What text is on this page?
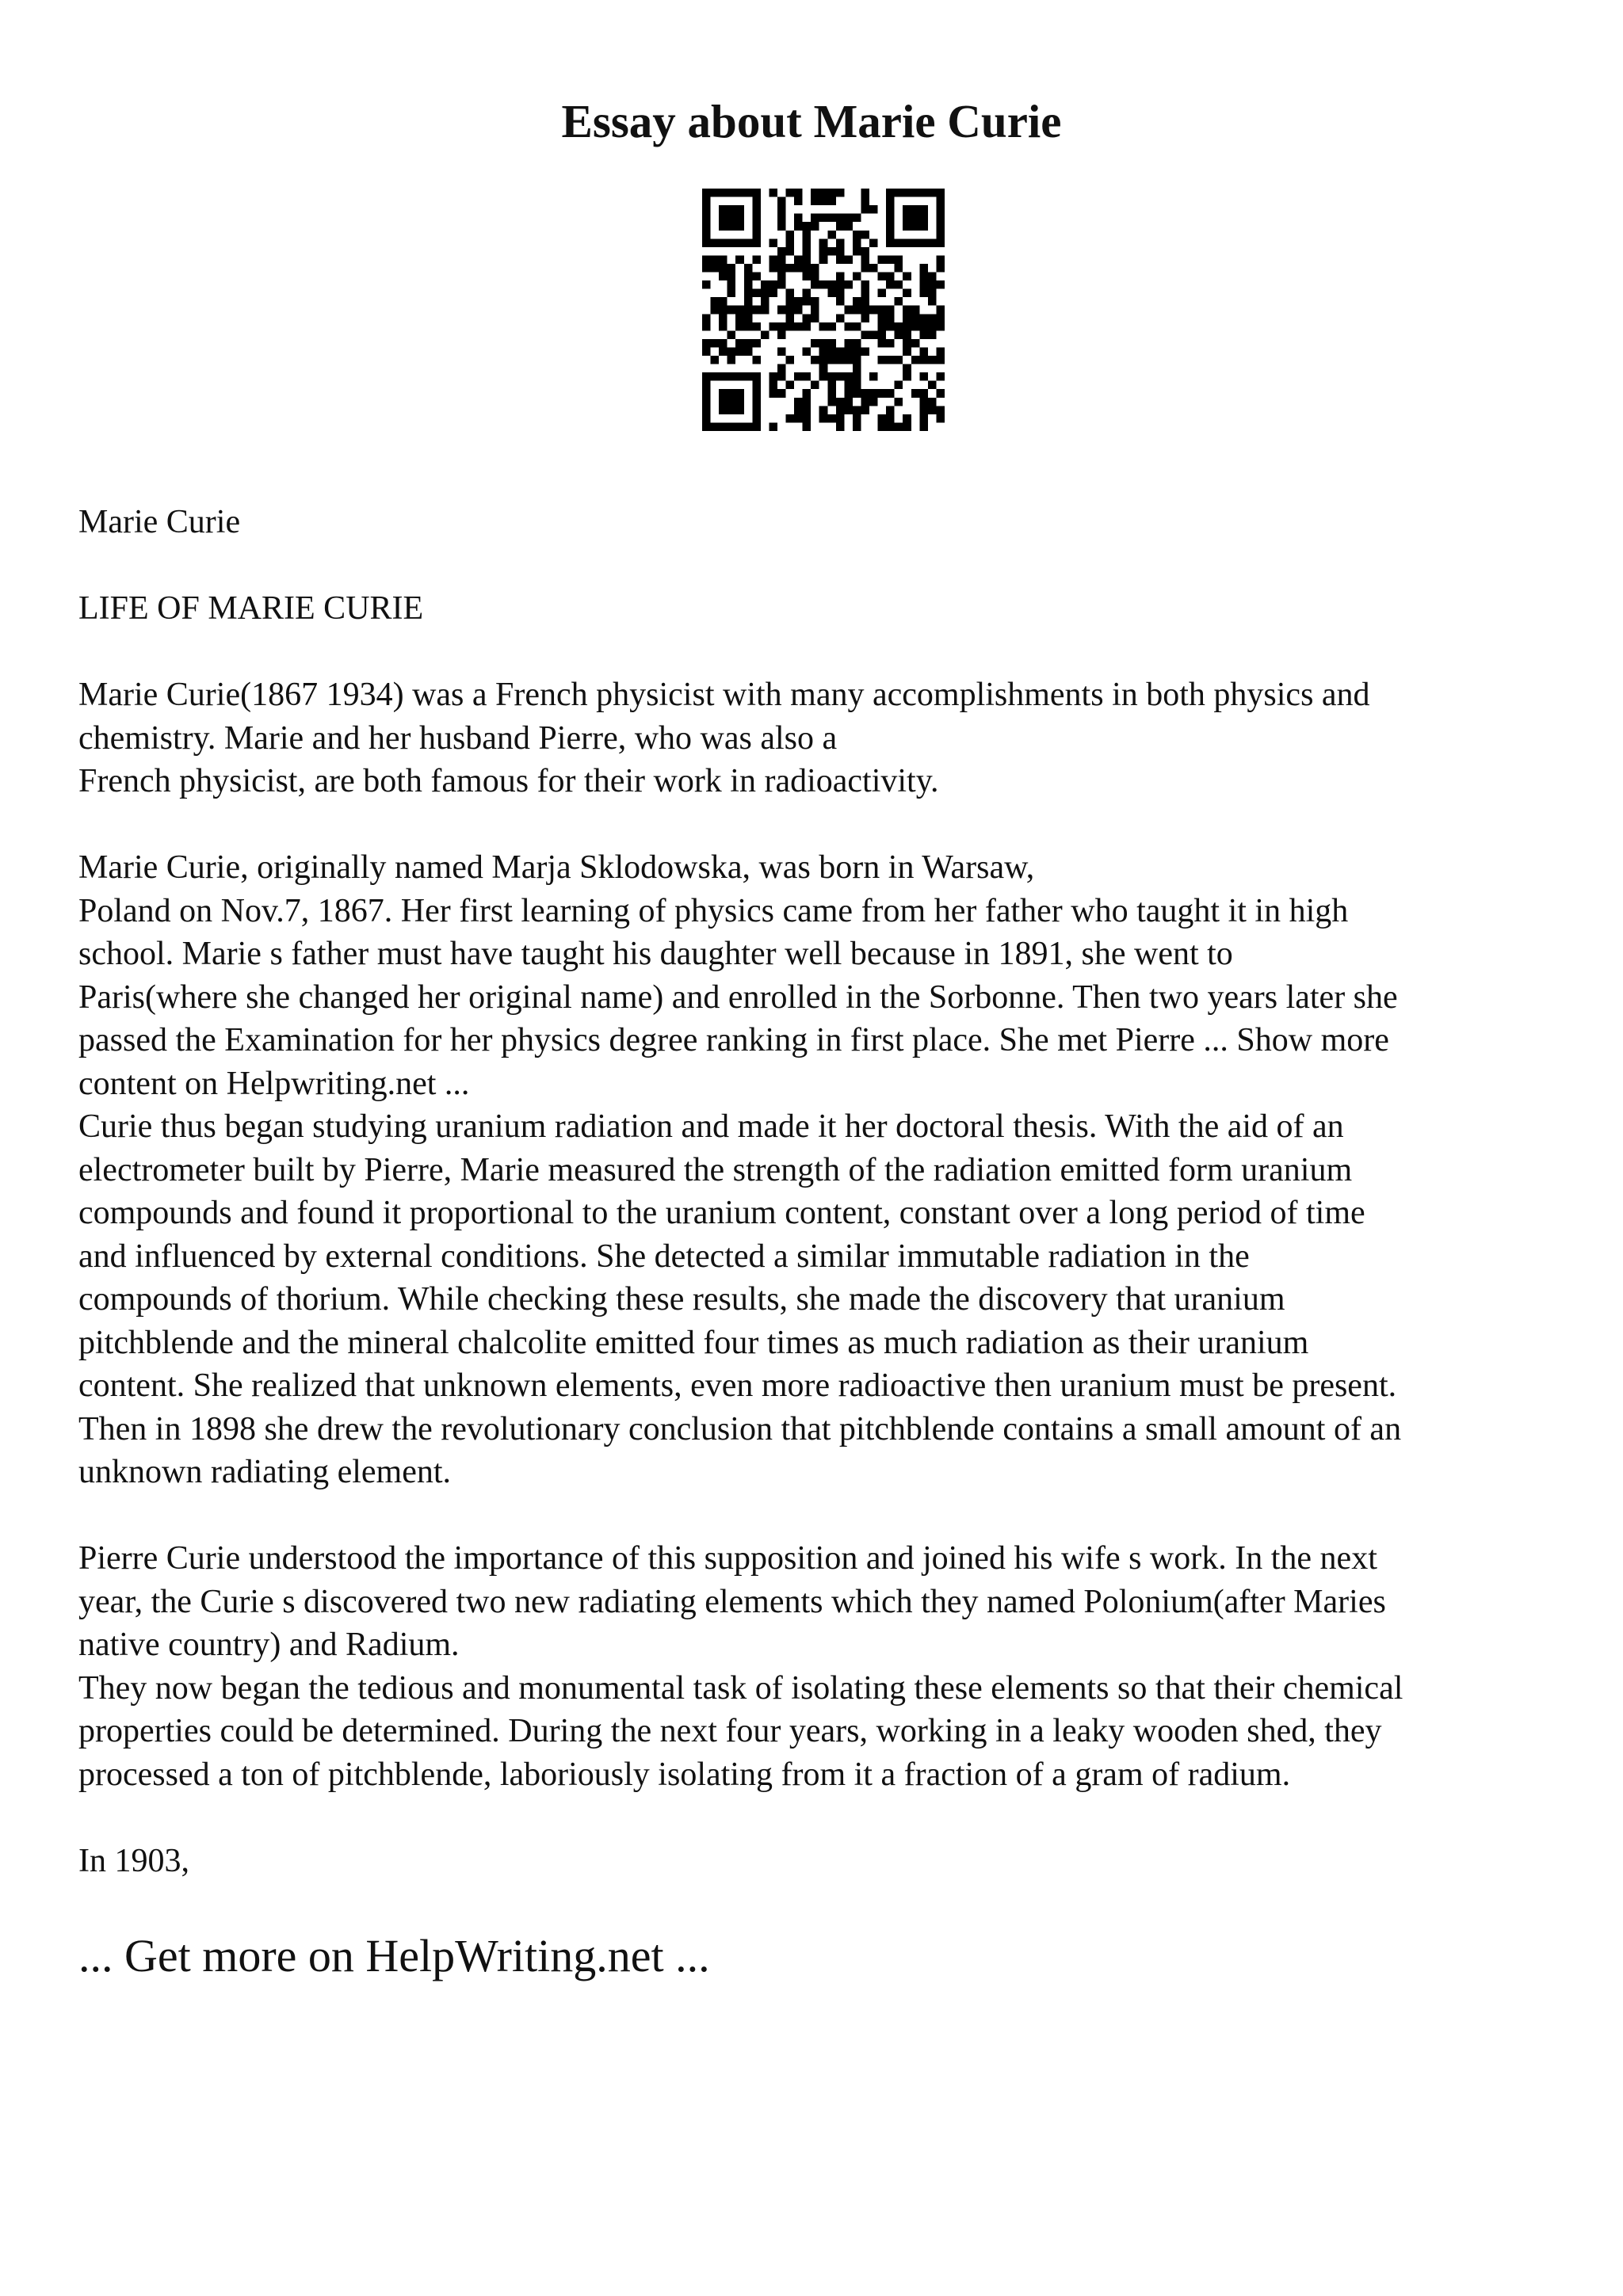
Essay about Marie Curie

Marie Curie

LIFE OF MARIE CURIE

Marie Curie(1867 1934) was a French physicist with many accomplishments in both physics and

chemistry. Marie and her husband Pierre, who was also a

French physicist, are both famous for their work in radioactivity.

Marie Curie, originally named Marja Sklodowska, was born in Warsaw,

Poland on Nov.7, 1867. Her first learning of physics came from her father who taught it in high

school. Marie s father must have taught his daughter well because in 1891, she went to

Paris(where she changed her original name) and enrolled in the Sorbonne. Then two years later she

passed the Examination for her physics degree ranking in first place. She met Pierre ... Show more

content on Helpwriting.net ...

Curie thus began studying uranium radiation and made it her doctoral thesis. With the aid of an

electrometer built by Pierre, Marie measured the strength of the radiation emitted form uranium

compounds and found it proportional to the uranium content, constant over a long period of time

and influenced by external conditions. She detected a similar immutable radiation in the

compounds of thorium. While checking these results, she made the discovery that uranium

pitchblende and the mineral chalcolite emitted four times as much radiation as their uranium

content. She realized that unknown elements, even more radioactive then uranium must be present.

Then in 1898 she drew the revolutionary conclusion that pitchblende contains a small amount of an

unknown radiating element.

Pierre Curie understood the importance of this supposition and joined his wife s work. In the next

year, the Curie s discovered two new radiating elements which they named Polonium(after Maries

native country) and Radium.

They now began the tedious and monumental task of isolating these elements so that their chemical

properties could be determined. During the next four years, working in a leaky wooden shed, they

processed a ton of pitchblende, laboriously isolating from it a fraction of a gram of radium.

In 1903,

... Get more on HelpWriting.net ...
